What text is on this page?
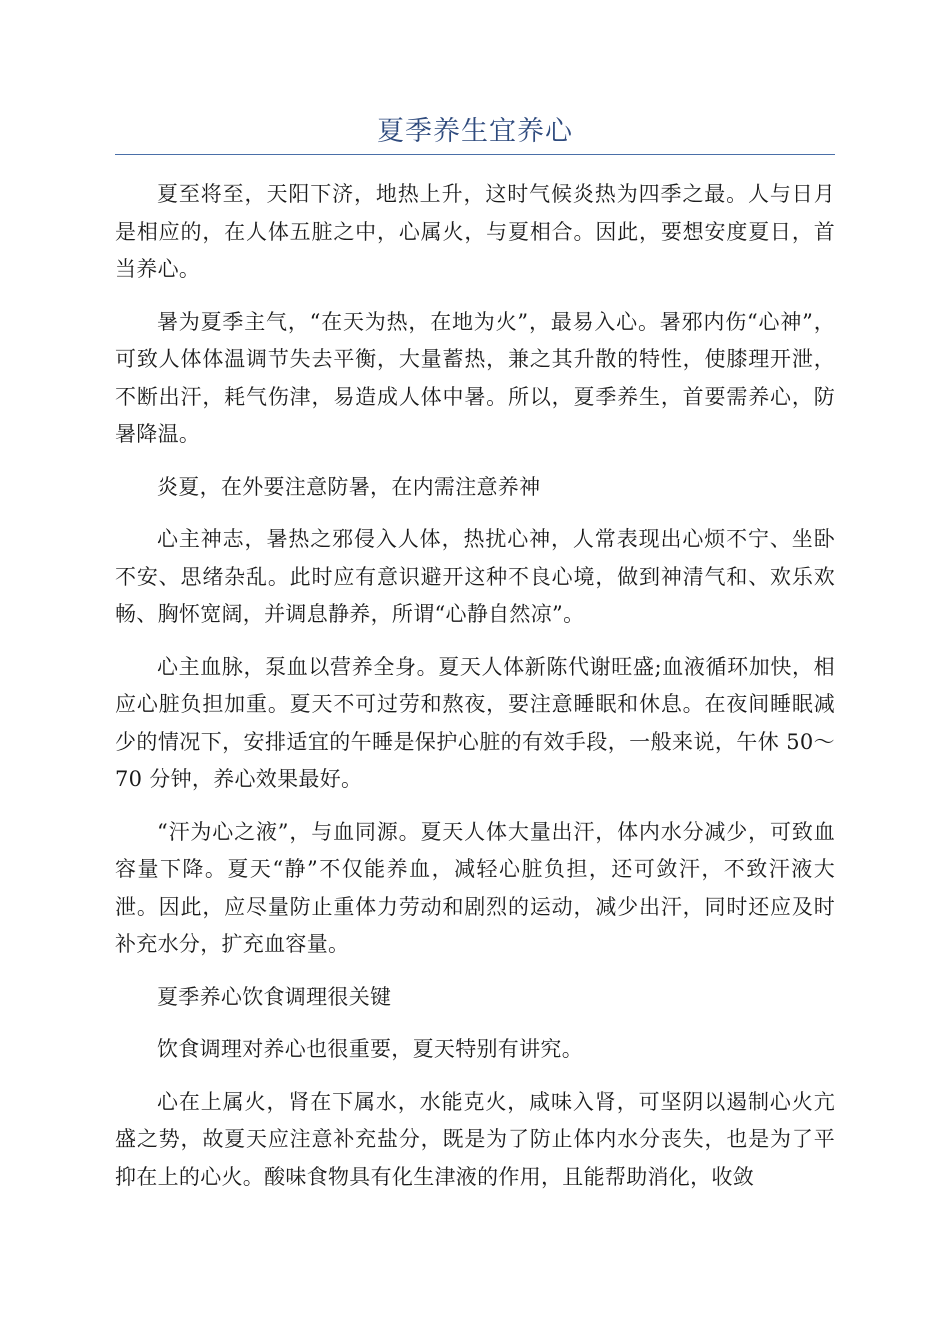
夏季养生宜养心

夏至将至，天阳下济，地热上升，这时气候炎热为四季之最。人与日月是相应的，在人体五脏之中，心属火，与夏相合。因此，要想安度夏日，首当养心。

暑为夏季主气，“在天为热，在地为火”，最易入心。暑邪内伤“心神”，可致人体体温调节失去平衡，大量蓄热，兼之其升散的特性，使膝理开泄，不断出汗，耗气伤津，易造成人体中暑。所以，夏季养生，首要需养心，防暑降温。

炎夏，在外要注意防暑，在内需注意养神

心主神志，暑热之邪侵入人体，热扰心神，人常表现出心烦不宁、坐卧不安、思绪杂乱。此时应有意识避开这种不良心境，做到神清气和、欢乐欢畅、胸怀宽阔，并调息静养，所谓“心静自然凉”。

心主血脉，泵血以营养全身。夏天人体新陈代谢旺盛;血液循环加快，相应心脏负担加重。夏天不可过劳和熬夜，要注意睡眠和休息。在夜间睡眠减少的情况下，安排适宜的午睡是保护心脏的有效手段，一般来说，午休 50～70 分钟，养心效果最好。

“汗为心之液”，与血同源。夏天人体大量出汗，体内水分减少，可致血容量下降。夏天“静”不仅能养血，减轻心脏负担，还可敛汗，不致汗液大泄。因此，应尽量防止重体力劳动和剧烈的运动，减少出汗，同时还应及时补充水分，扩充血容量。

夏季养心饮食调理很关键

饮食调理对养心也很重要，夏天特别有讲究。

心在上属火，肾在下属水，水能克火，咸味入肾，可坚阴以遏制心火亢盛之势，故夏天应注意补充盐分，既是为了防止体内水分丧失，也是为了平抑在上的心火。酸味食物具有化生津液的作用，且能帮助消化，收敛
